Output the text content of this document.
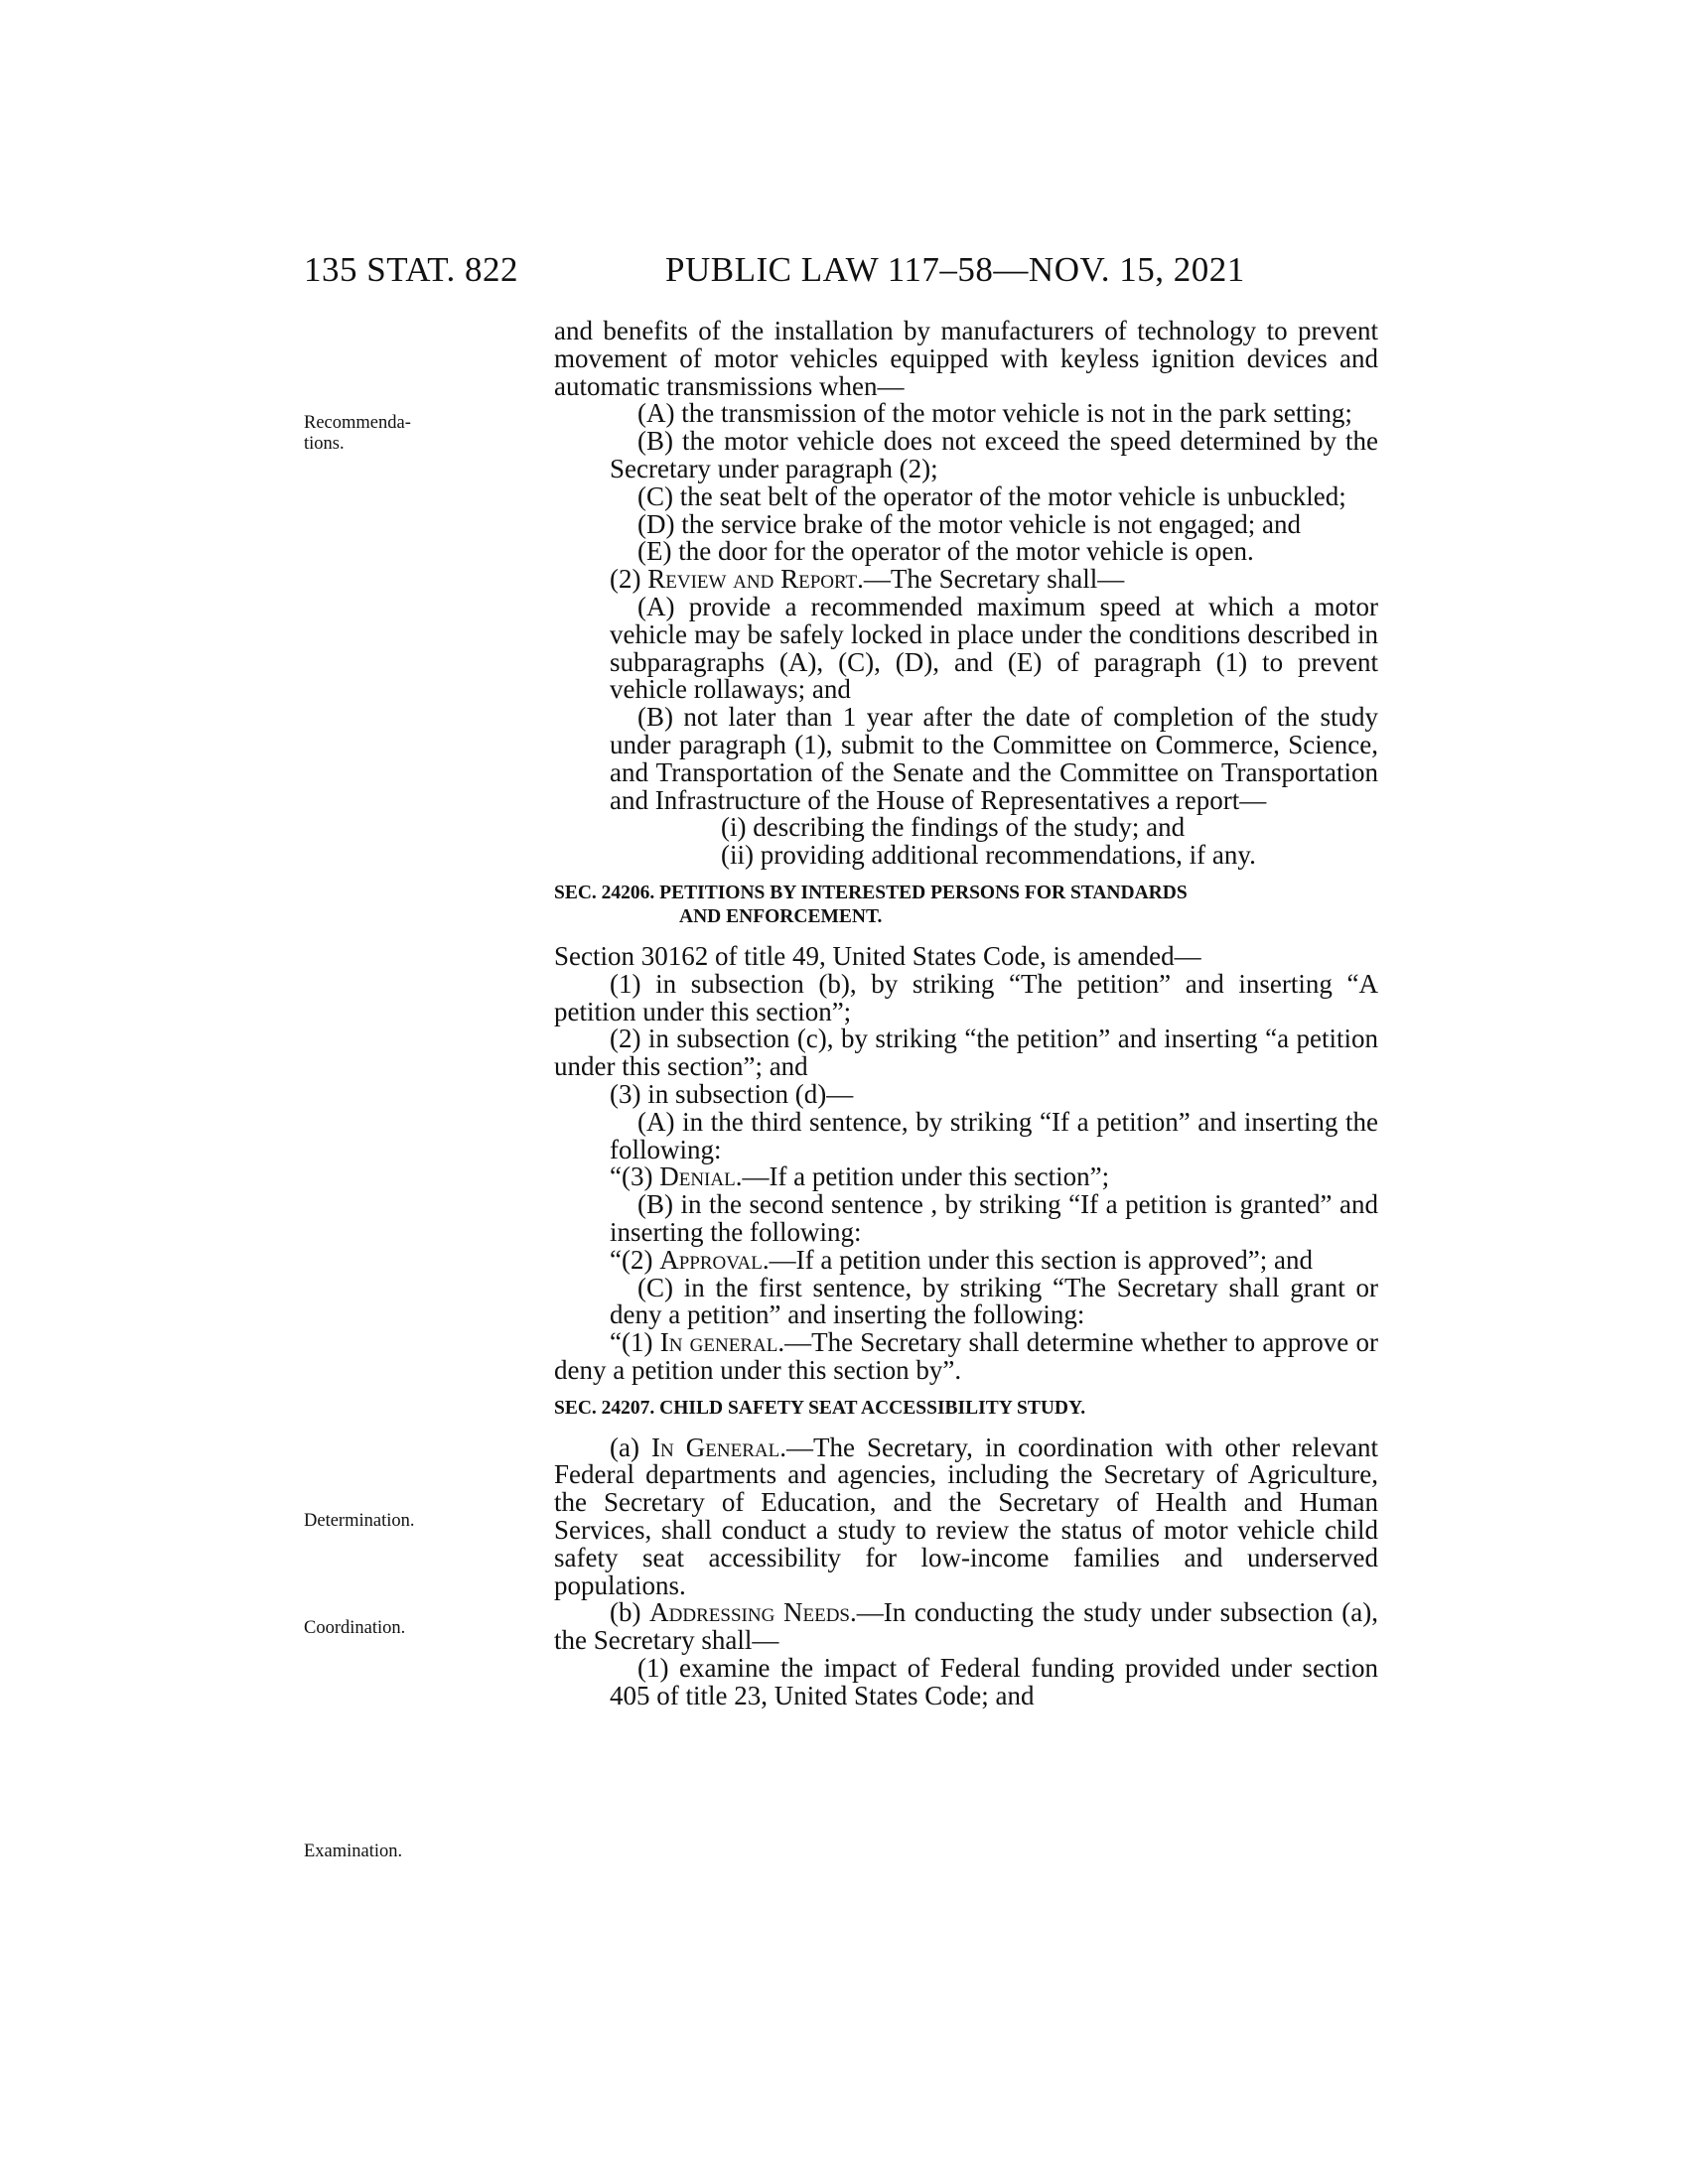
135 STAT. 822	PUBLIC LAW 117–58—NOV. 15, 2021
Recommenda-
tions.
Determination.
Coordination.
Examination.

and benefits of the installation by manufacturers of technology to prevent movement of motor vehicles equipped with keyless ignition devices and automatic transmissions when—

(A) the transmission of the motor vehicle is not in the park setting;

(B) the motor vehicle does not exceed the speed determined by the Secretary under paragraph (2);

(C) the seat belt of the operator of the motor vehicle is unbuckled;

(D) the service brake of the motor vehicle is not engaged; and

(E) the door for the operator of the motor vehicle is open.

(2) Review and Report.—The Secretary shall—

(A) provide a recommended maximum speed at which a motor vehicle may be safely locked in place under the conditions described in subparagraphs (A), (C), (D), and (E) of paragraph (1) to prevent vehicle rollaways; and

(B) not later than 1 year after the date of completion of the study under paragraph (1), submit to the Committee on Commerce, Science, and Transportation of the Senate and the Committee on Transportation and Infrastructure of the House of Representatives a report—

(i) describing the findings of the study; and

(ii) providing additional recommendations, if any.

SEC. 24206. PETITIONS BY INTERESTED PERSONS FOR STANDARDS
AND ENFORCEMENT.

Section 30162 of title 49, United States Code, is amended—

(1) in subsection (b), by striking “The petition” and inserting “A petition under this section”;

(2) in subsection (c), by striking “the petition” and inserting “a petition under this section”; and

(3) in subsection (d)—

(A) in the third sentence, by striking “If a petition” and inserting the following:

“(3) Denial.—If a petition under this section”;

(B) in the second sentence , by striking “If a petition is granted” and inserting the following:

“(2) Approval.—If a petition under this section is approved”; and

(C) in the first sentence, by striking “The Secretary shall grant or deny a petition” and inserting the following:

“(1) In general.—The Secretary shall determine whether to approve or deny a petition under this section by”.

SEC. 24207. CHILD SAFETY SEAT ACCESSIBILITY STUDY.

(a) In General.—The Secretary, in coordination with other relevant Federal departments and agencies, including the Secretary of Agriculture, the Secretary of Education, and the Secretary of Health and Human Services, shall conduct a study to review the status of motor vehicle child safety seat accessibility for low-income families and underserved populations.

(b) Addressing Needs.—In conducting the study under subsection (a), the Secretary shall—

(1) examine the impact of Federal funding provided under section 405 of title 23, United States Code; and
